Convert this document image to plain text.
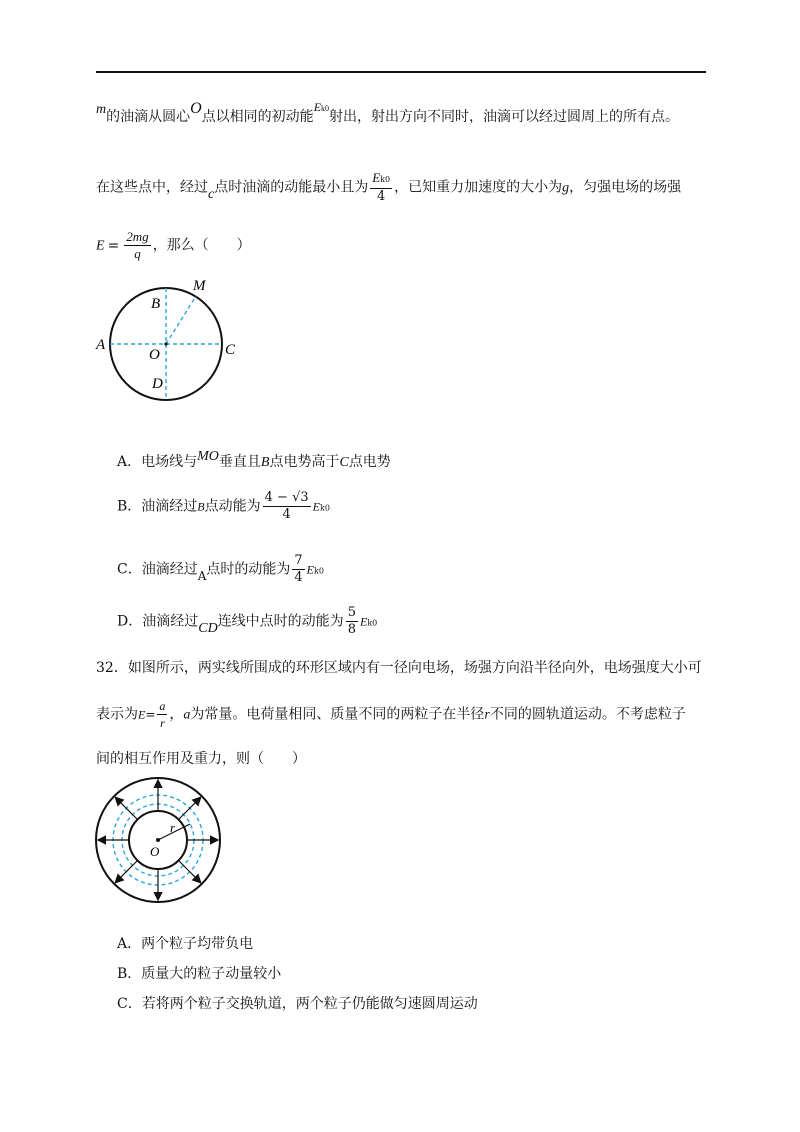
m的油滴从圆心O点以相同的初动能Ek0射出，射出方向不同时，油滴可以经过圆周上的所有点。
在这些点中，经过c点时油滴的动能最小且为 $\frac{Ek0}{4}$ ，已知重力加速度的大小为g，匀强电场的场强
$E = \frac{2mg}{q}$ ，那么（　　）
A
B
C
D
O
M
A．电场线与MO垂直且B点电势高于C点电势
B．油滴经过B点动能为 $\frac{4 - √3}{4} Ek0$
C．油滴经过A点时的动能为 $\frac{7}{4} Ek0$
D．油滴经过CD连线中点时的动能为 $\frac{5}{8} Ek0$
32．如图所示，两实线所围成的环形区域内有一径向电场，场强方向沿半径向外，电场强度大小可
表示为$E= \frac{a}{r}$ ，a为常量。电荷量相同、质量不同的两粒子在半径r不同的圆轨道运动。不考虑粒子
间的相互作用及重力，则（　　）
O
r
A．两个粒子均带负电
B．质量大的粒子动量较小
C．若将两个粒子交换轨道，两个粒子仍能做匀速圆周运动
